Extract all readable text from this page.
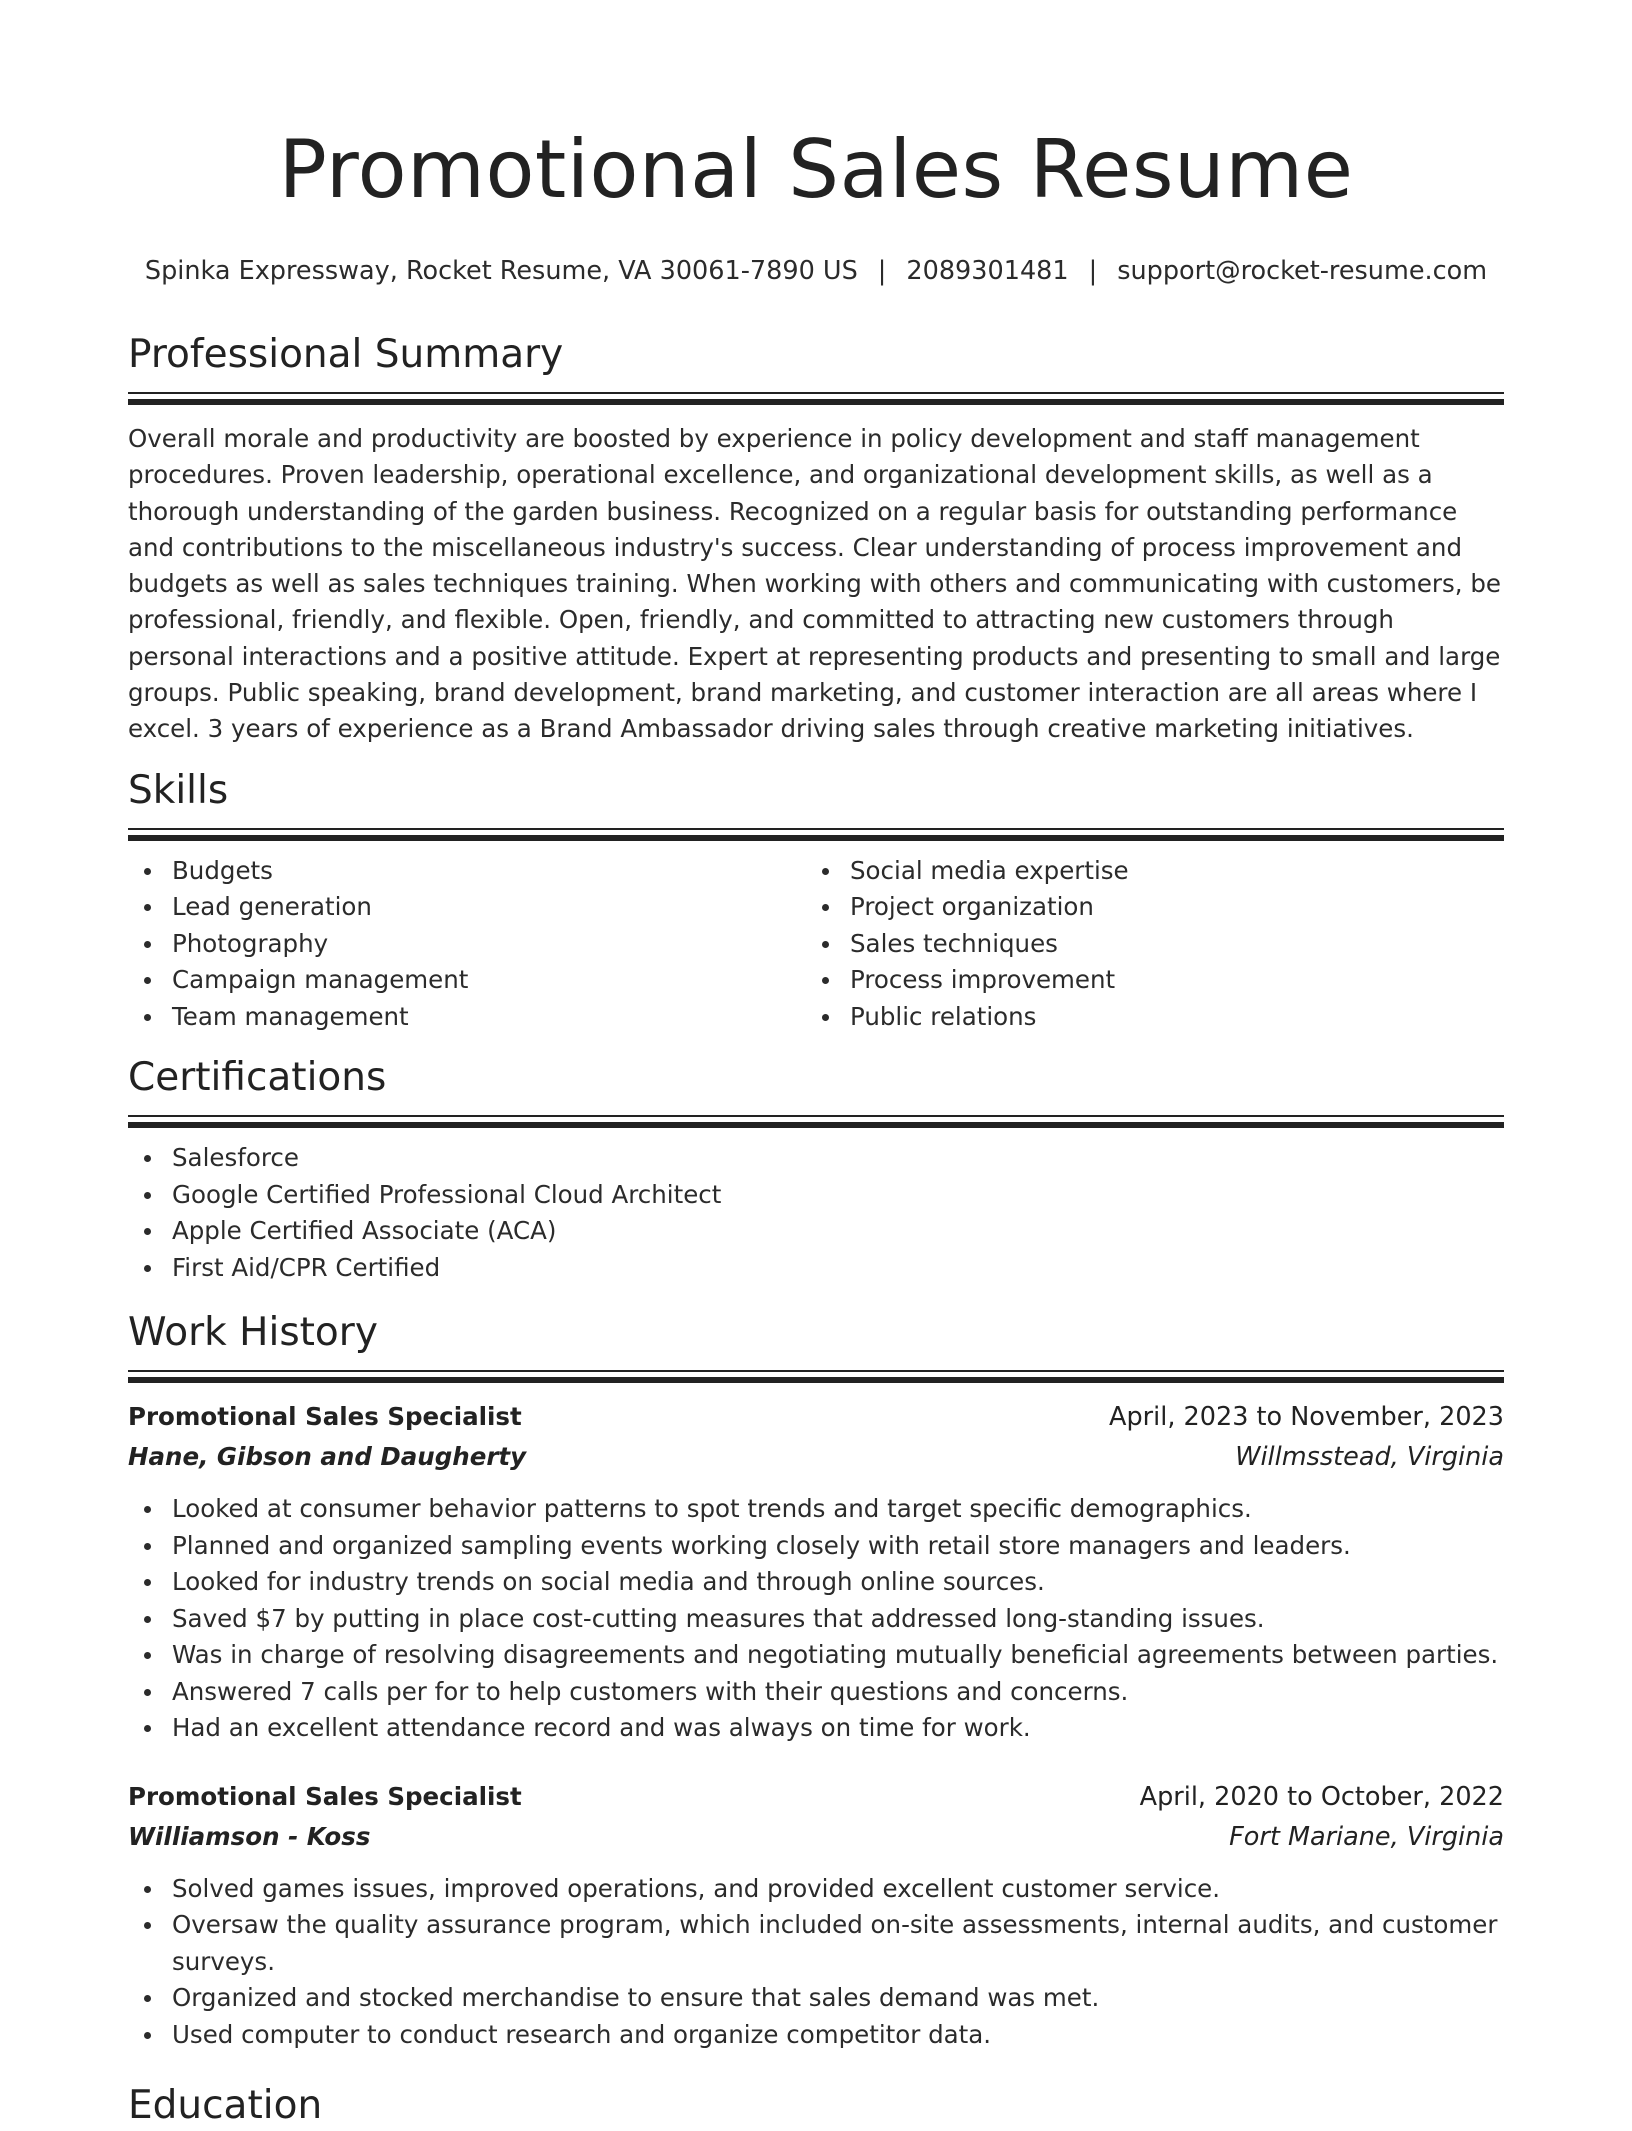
Promotional Sales Resume
Spinka Expressway, Rocket Resume, VA 30061-7890 US | 2089301481 | support@rocket-resume.com
Professional Summary

Overall morale and productivity are boosted by experience in policy development and staff management procedures. Proven leadership, operational excellence, and organizational development skills, as well as a thorough understanding of the garden business. Recognized on a regular basis for outstanding performance and contributions to the miscellaneous industry's success. Clear understanding of process improvement and budgets as well as sales techniques training. When working with others and communicating with customers, be professional, friendly, and flexible. Open, friendly, and committed to attracting new customers through personal interactions and a positive attitude. Expert at representing products and presenting to small and large groups. Public speaking, brand development, brand marketing, and customer interaction are all areas where I excel. 3 years of experience as a Brand Ambassador driving sales through creative marketing initiatives.

Skills
Budgets
Lead generation
Photography
Campaign management
Team management
Social media expertise
Project organization
Sales techniques
Process improvement
Public relations
Certifications
Salesforce
Google Certified Professional Cloud Architect
Apple Certified Associate (ACA)
First Aid/CPR Certified
Work History
Promotional Sales Specialist	April, 2023 to November, 2023
Hane, Gibson and Daugherty	Willmsstead, Virginia
Looked at consumer behavior patterns to spot trends and target specific demographics.
Planned and organized sampling events working closely with retail store managers and leaders.
Looked for industry trends on social media and through online sources.
Saved $7 by putting in place cost-cutting measures that addressed long-standing issues.
Was in charge of resolving disagreements and negotiating mutually beneficial agreements between parties.
Answered 7 calls per for to help customers with their questions and concerns.
Had an excellent attendance record and was always on time for work.
Promotional Sales Specialist	April, 2020 to October, 2022
Williamson - Koss	Fort Mariane, Virginia
Solved games issues, improved operations, and provided excellent customer service.
Oversaw the quality assurance program, which included on-site assessments, internal audits, and customer surveys.
Organized and stocked merchandise to ensure that sales demand was met.
Used computer to conduct research and organize competitor data.
Education
